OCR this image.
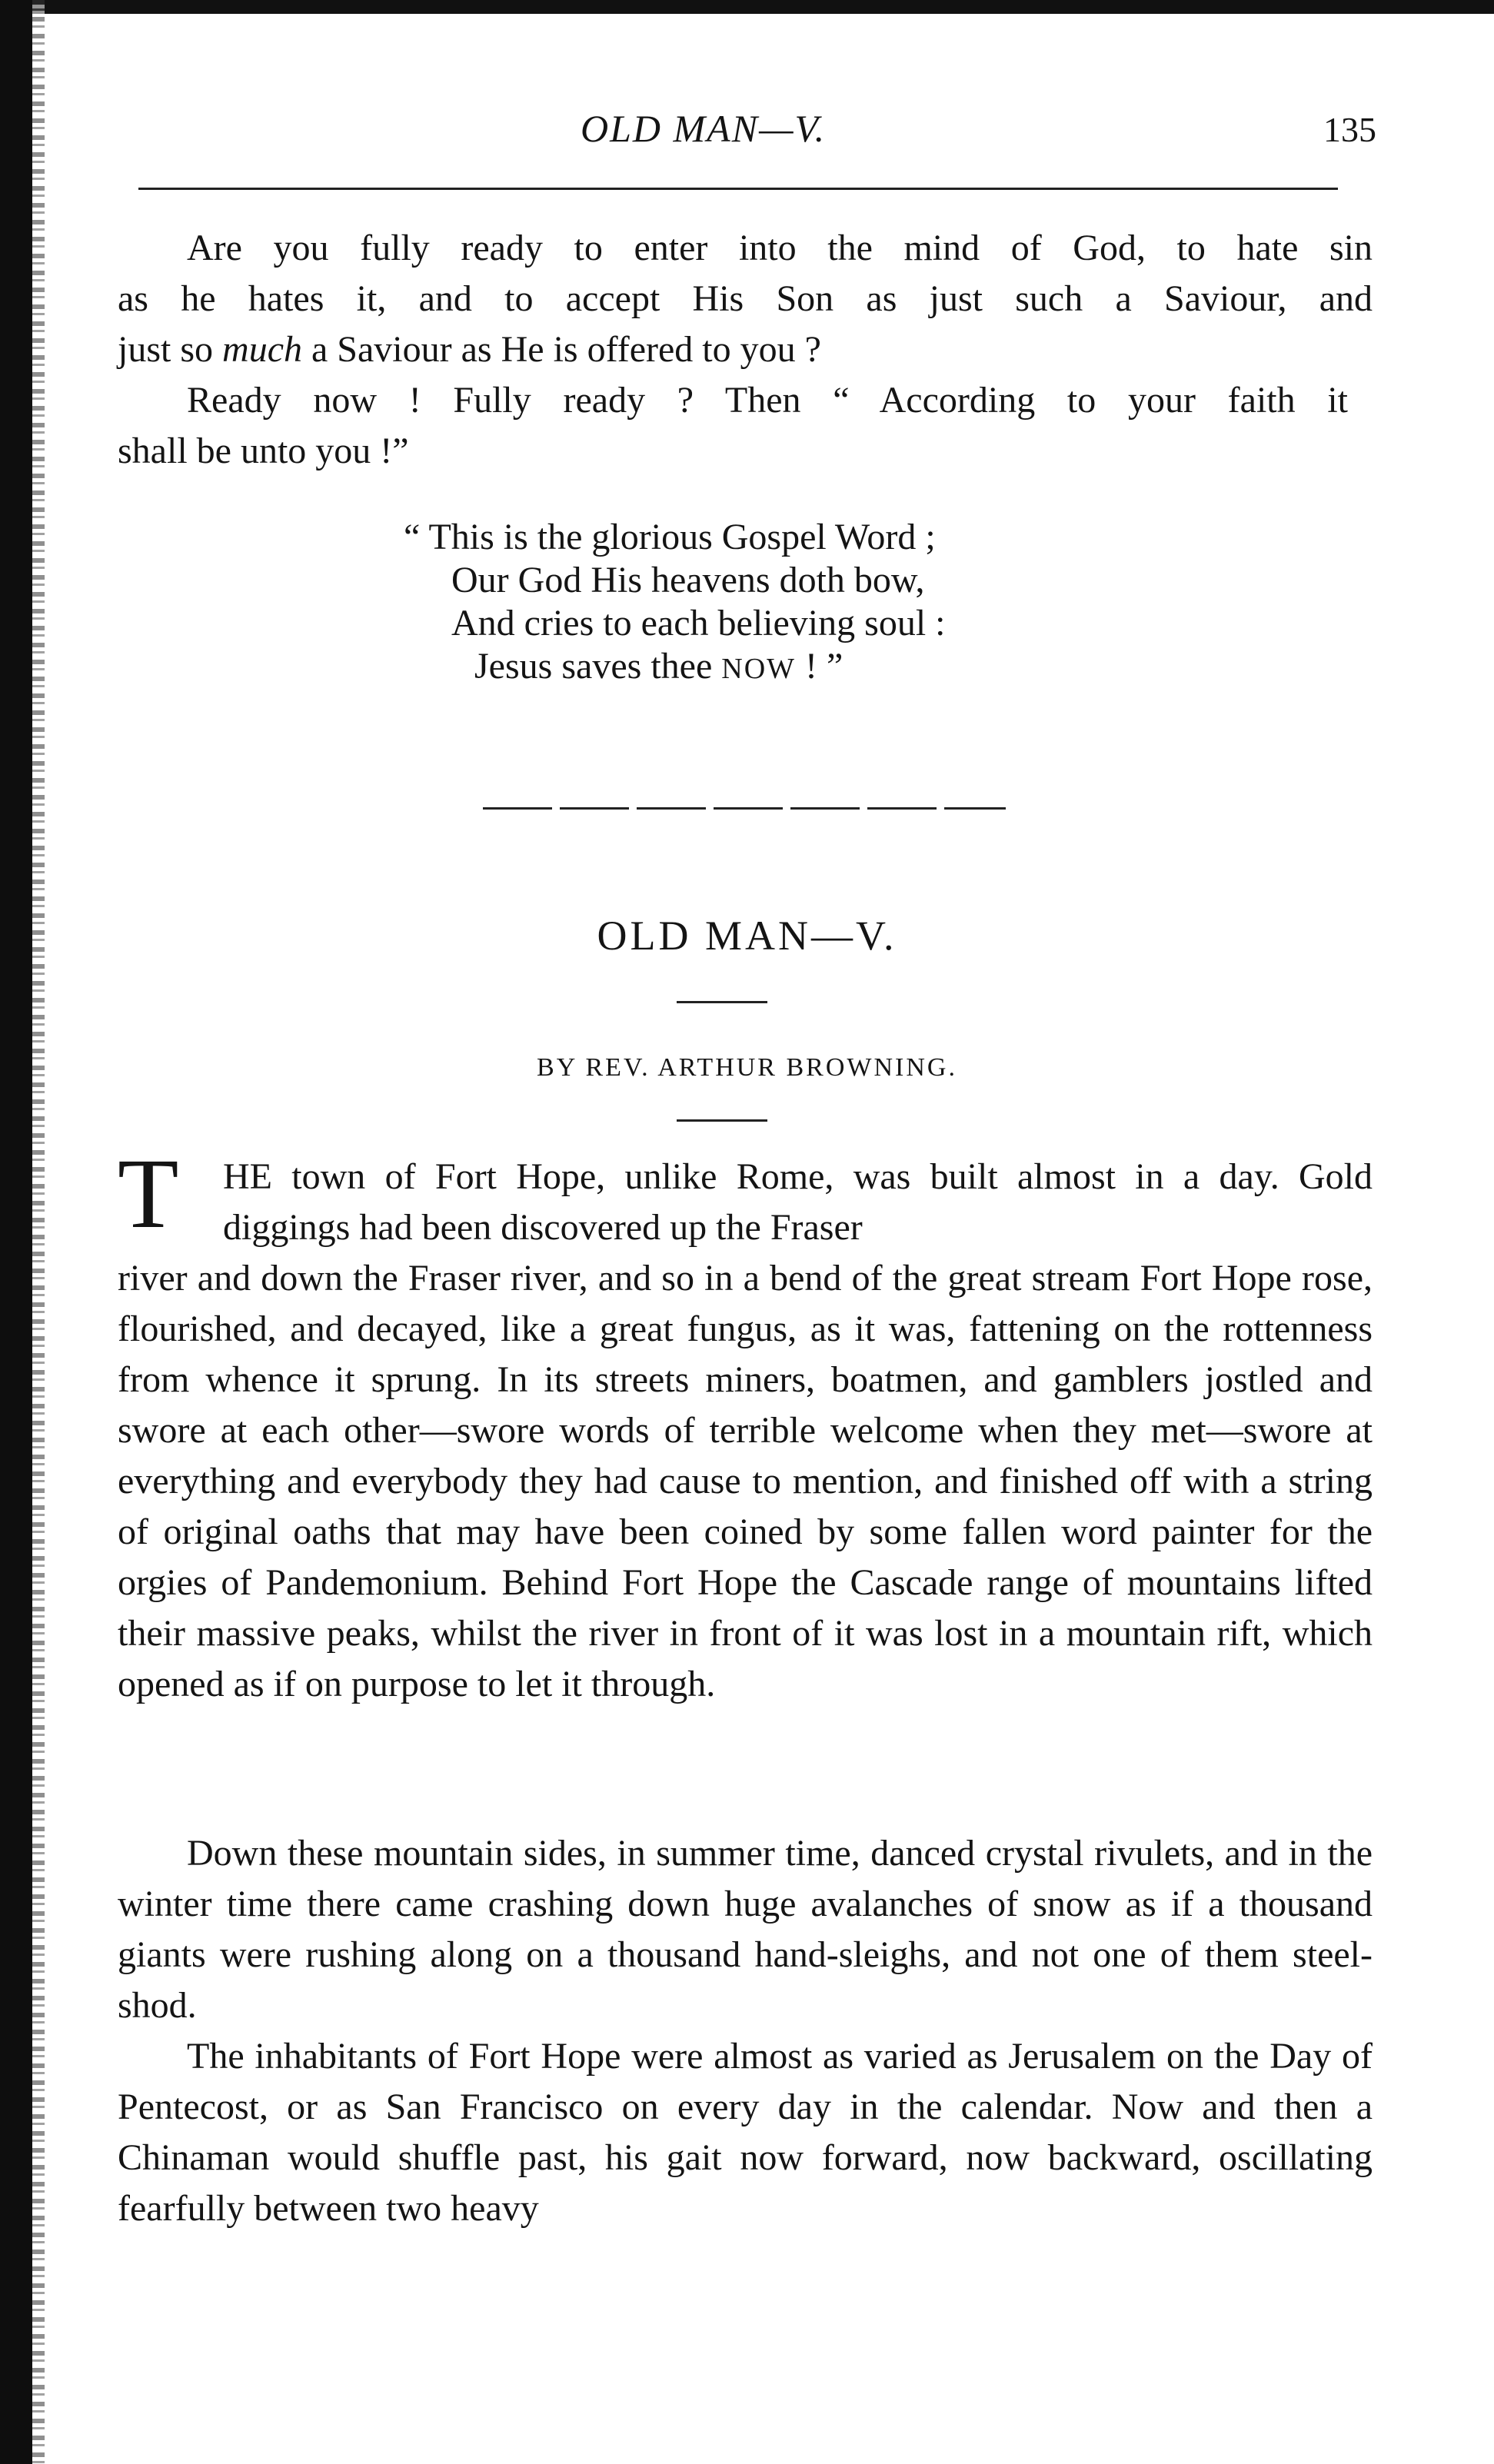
OLD MAN—V.	135
Are you fully ready to enter into the mind of God, to hate sin
as he hates it, and to accept His Son as just such a Saviour, and
just so much a Saviour as He is offered to you ?
Ready now ! Fully ready ? Then “ According to your faith it
shall be unto you !”
“ This is the glorious Gospel Word ;
Our God His heavens doth bow,
And cries to each believing soul :
Jesus saves thee NOW ! ”
OLD MAN—V.
BY REV. ARTHUR BROWNING.
T HE town of Fort Hope, unlike Rome, was built almost in a day. Gold diggings had been discovered up the Fraser

river and down the Fraser river, and so in a bend of the great stream Fort Hope rose, flourished, and decayed, like a great fungus, as it was, fattening on the rottenness from whence it sprung. In its streets miners, boatmen, and gamblers jostled and swore at each other—swore words of terrible welcome when they met—swore at everything and everybody they had cause to mention, and finished off with a string of original oaths that may have been coined by some fallen word painter for the orgies of Pandemonium. Behind Fort Hope the Cascade range of mountains lifted their massive peaks, whilst the river in front of it was lost in a mountain rift, which opened as if on purpose to let it through.

Down these mountain sides, in summer time, danced crystal rivulets, and in the winter time there came crashing down huge avalanches of snow as if a thousand giants were rushing along on a thousand hand-sleighs, and not one of them steel-shod.

The inhabitants of Fort Hope were almost as varied as Jerusalem on the Day of Pentecost, or as San Francisco on every day in the calendar. Now and then a Chinaman would shuffle past, his gait now forward, now backward, oscillating fearfully between two heavy
